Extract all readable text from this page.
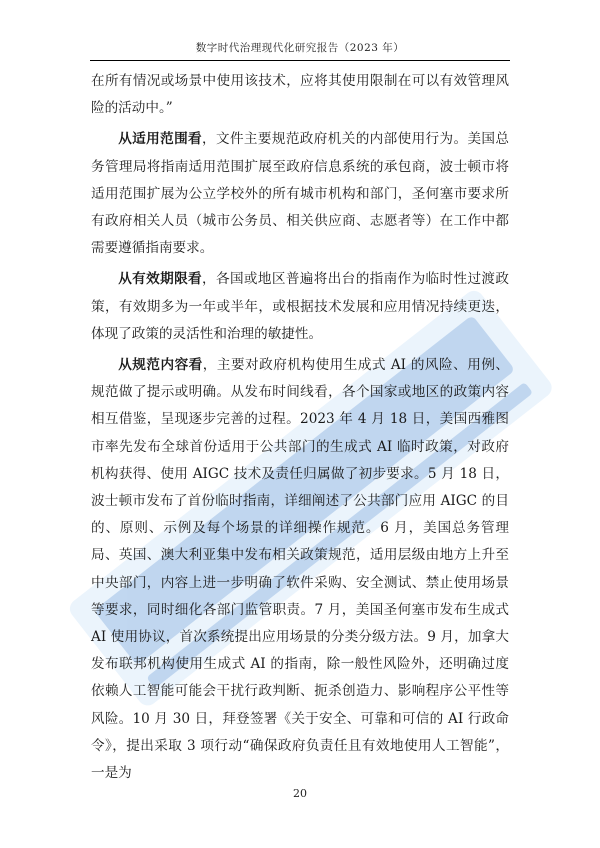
数字时代治理现代化研究报告（2023 年）

在所有情况或场景中使用该技术，应将其使用限制在可以有效管理风险的活动中。”

从适用范围看，文件主要规范政府机关的内部使用行为。美国总务管理局将指南适用范围扩展至政府信息系统的承包商，波士顿市将适用范围扩展为公立学校外的所有城市机构和部门，圣何塞市要求所有政府相关人员（城市公务员、相关供应商、志愿者等）在工作中都需要遵循指南要求。

从有效期限看，各国或地区普遍将出台的指南作为临时性过渡政策，有效期多为一年或半年，或根据技术发展和应用情况持续更迭，体现了政策的灵活性和治理的敏捷性。

从规范内容看，主要对政府机构使用生成式 AI 的风险、用例、规范做了提示或明确。从发布时间线看，各个国家或地区的政策内容相互借鉴，呈现逐步完善的过程。2023 年 4 月 18 日，美国西雅图市率先发布全球首份适用于公共部门的生成式 AI 临时政策，对政府机构获得、使用 AIGC 技术及责任归属做了初步要求。5 月 18 日，波士顿市发布了首份临时指南，详细阐述了公共部门应用 AIGC 的目的、原则、示例及每个场景的详细操作规范。6 月，美国总务管理局、英国、澳大利亚集中发布相关政策规范，适用层级由地方上升至中央部门，内容上进一步明确了软件采购、安全测试、禁止使用场景等要求，同时细化各部门监管职责。7 月，美国圣何塞市发布生成式 AI 使用协议，首次系统提出应用场景的分类分级方法。9 月，加拿大发布联邦机构使用生成式 AI 的指南，除一般性风险外，还明确过度依赖人工智能可能会干扰行政判断、扼杀创造力、影响程序公平性等风险。10 月 30 日，拜登签署《关于安全、可靠和可信的 AI 行政命令》，提出采取 3 项行动“确保政府负责任且有效地使用人工智能”，一是为

20
